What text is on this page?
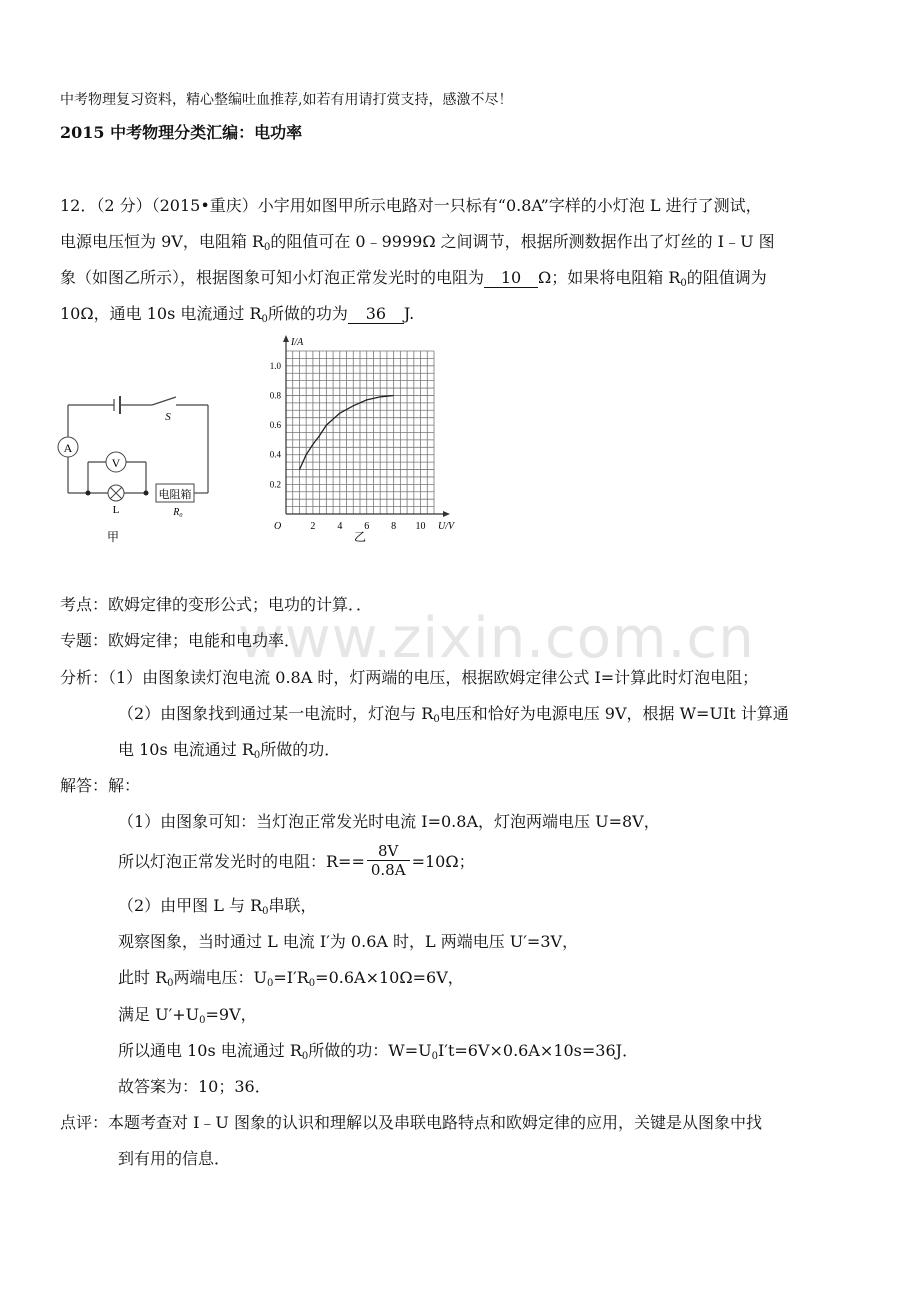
中考物理复习资料，精心整编吐血推荐,如若有用请打赏支持，感激不尽！
2015 中考物理分类汇编：电功率
12．（2 分）（2015•重庆）小宇用如图甲所示电路对一只标有“0.8A”字样的小灯泡 L 进行了测试，
电源电压恒为 9V，电阻箱 $R_0$的阻值可在 0﹣9999Ω 之间调节，根据所测数据作出了灯丝的 I﹣U 图
象（如图乙所示），根据图象可知小灯泡正常发光时的电阻为 10 Ω；如果将电阻箱 $R_0$的阻值调为
10Ω，通电 10s 电流通过 $R_0$所做的功为 36 J.
A
V
电阻箱
R₀
S
L
甲
2 4 6 8 10
0.2
0.4
0.6
0.8
1.0
I/A
U/V
O
乙
www.zixin.com.cn
考点：欧姆定律的变形公式；电功的计算．．
专题：欧姆定律；电能和电功率．
分析：（1）由图象读灯泡电流 0.8A 时，灯两端的电压，根据欧姆定律公式 I=计算此时灯泡电阻；
（2）由图象找到通过某一电流时，灯泡与 $R_0$电压和恰好为电源电压 9V，根据 W=UIt 计算通
电 10s 电流通过 $R_0$所做的功．
解答：解：
（1）由图象可知：当灯泡正常发光时电流 I=0.8A，灯泡两端电压 U=8V，
所以灯泡正常发光时的电阻：$R== \frac{8V}{0.8A} =10\Omega$；
（2）由甲图 L 与 $R_0$串联，
观察图象，当时通过 L 电流 I′为 0.6A 时，L 两端电压 U′=3V，
此时 $R_0$两端电压：$U_0=I'R_0=0.6A\times 10\Omega=6V$，
满足 $U'+U_0=9V$，
所以通电 10s 电流通过 $R_0$所做的功：$W=U_0I't=6V\times 0.6A\times 10s=36J$．
故答案为：10；36．
点评：本题考查对 I﹣U 图象的认识和理解以及串联电路特点和欧姆定律的应用，关键是从图象中找
到有用的信息．
